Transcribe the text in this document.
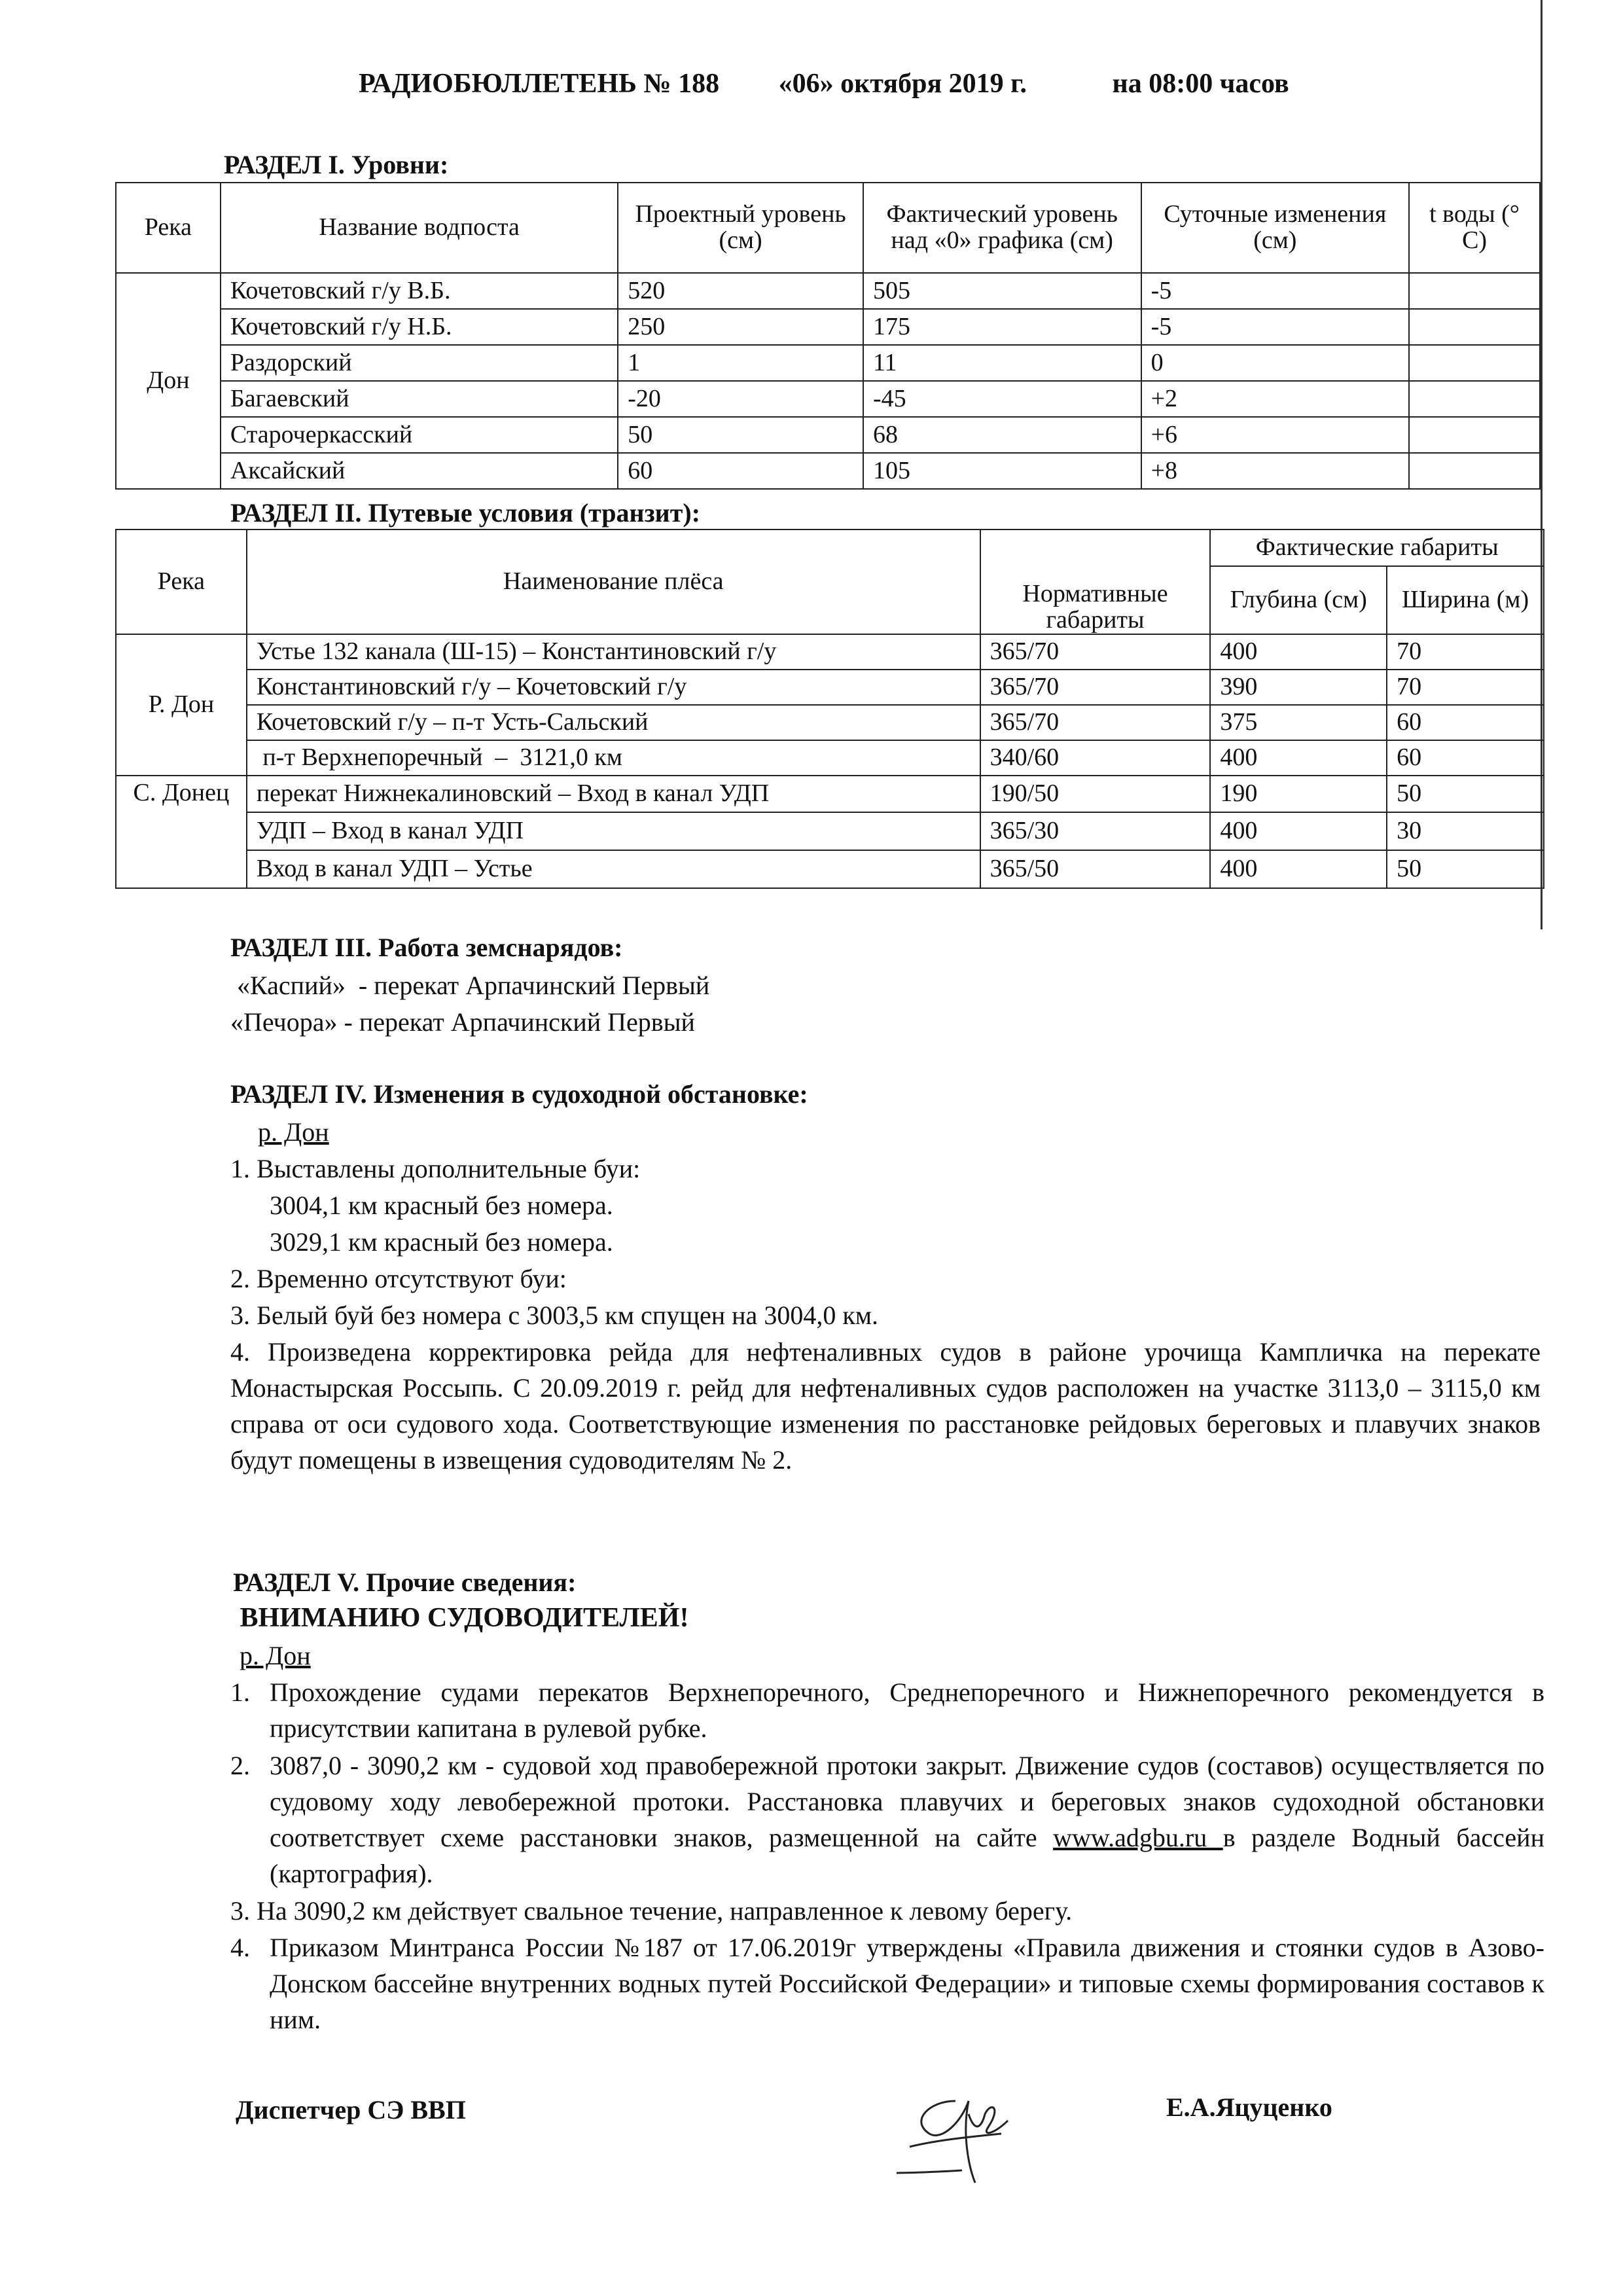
РАДИОБЮЛЛЕТЕНЬ № 188 «06» октября 2019 г.	на 08:00 часов
РАЗДЕЛ I. Уровни:
Река	Название водпоста	Проектный уровень (см)	Фактический уровень над «0» графика (см)	Суточные изменения (см)	t воды (° C)
Дон	Кочетовский г/у В.Б.	520	505	-5	
	Кочетовский г/у Н.Б.	250	175	-5	
	Раздорский	1	11	0	
	Багаевский	-20	-45	+2	
	Старочеркасский	50	68	+6	
	Аксайский	60	105	+8	
РАЗДЕЛ II. Путевые условия (транзит):
Река	Наименование плёса	Нормативные габариты	Фактические габариты	
			Глубина (см)	Ширина (м)
Р. Дон	Устье 132 канала (Ш-15) – Константиновский г/у	365/70	400	70
	Константиновский г/у – Кочетовский г/у	365/70	390	70
	Кочетовский г/у – п-т Усть-Сальский	365/70	375	60
	п-т Верхнепоречный  –  3121,0 км	340/60	400	60
С. Донец	перекат Нижнекалиновский – Вход в канал УДП	190/50	190	50
	УДП – Вход в канал УДП	365/30	400	30
	Вход в канал УДП – Устье	365/50	400	50
РАЗДЕЛ III. Работа земснарядов:
«Каспий»  - перекат Арпачинский Первый
«Печора» - перекат Арпачинский Первый
РАЗДЕЛ IV. Изменения в судоходной обстановке:
р. Дон
1. Выставлены дополнительные буи:
3004,1 км красный без номера.
3029,1 км красный без номера.
2. Временно отсутствуют буи:
3. Белый буй без номера с 3003,5 км спущен на 3004,0 км.
4. Произведена корректировка рейда для нефтеналивных судов в районе урочища Кампличка на перекате Монастырская Россыпь. С 20.09.2019 г. рейд для нефтеналивных судов расположен на участке 3113,0 – 3115,0 км справа от оси судового хода. Соответствующие изменения по расстановке рейдовых береговых и плавучих знаков будут помещены в извещения судоводителям № 2.
РАЗДЕЛ V. Прочие сведения:
ВНИМАНИЮ СУДОВОДИТЕЛЕЙ!
р. Дон
1. Прохождение судами перекатов Верхнепоречного, Среднепоречного и Нижнепоречного рекомендуется в присутствии капитана в рулевой рубке.
2. 3087,0 - 3090,2 км - судовой ход правобережной протоки закрыт. Движение судов (составов) осуществляется по судовому ходу левобережной протоки. Расстановка плавучих и береговых знаков судоходной обстановки соответствует схеме расстановки знаков, размещенной на сайте www.adgbu.ru в разделе Водный бассейн (картография).
3. На 3090,2 км действует свальное течение, направленное к левому берегу.
4. Приказом Минтранса России №187 от 17.06.2019г утверждены «Правила движения и стоянки судов в Азово-Донском бассейне внутренних водных путей Российской Федерации» и типовые схемы формирования составов к ним.
Диспетчер СЭ ВВП	Е.А.Яцуценко
